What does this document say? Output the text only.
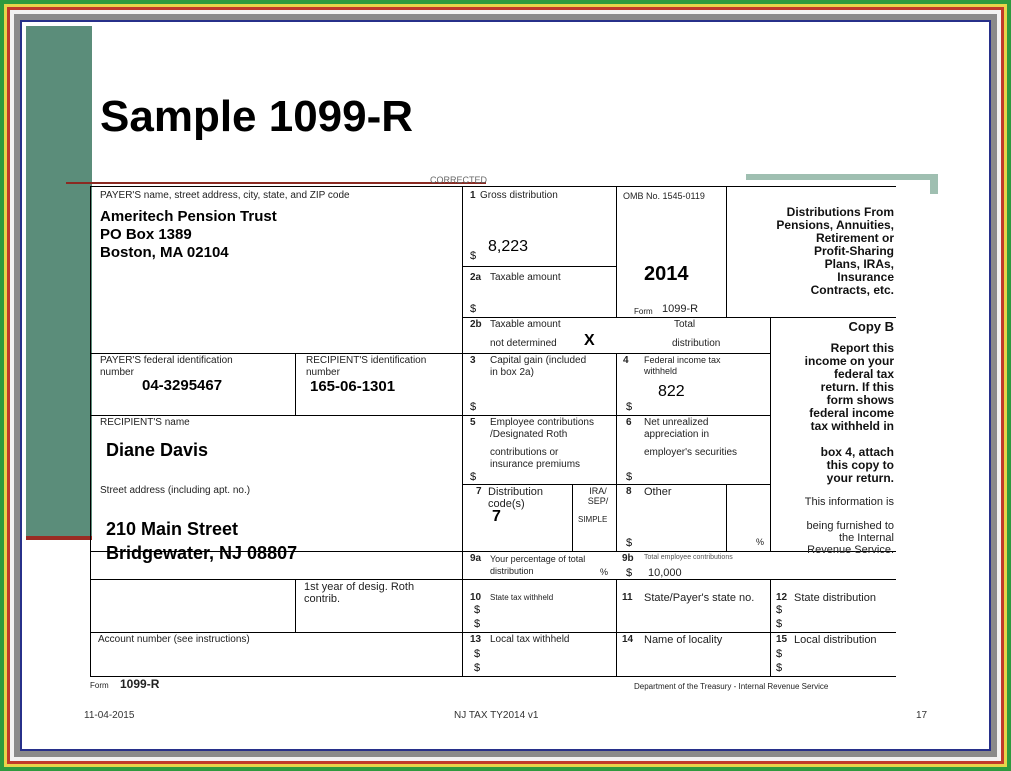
Sample 1099-R
CORRECTED
PAYER'S name, street address, city, state, and ZIP code
Ameritech Pension Trust
PO Box 1389
Boston, MA 02104
1 Gross distribution
$
8,223
OMB No. 1545-0119
2014
Form 1099-R
Distributions From
Pensions, Annuities,
Retirement or
Profit-Sharing
Plans, IRAs,
Insurance
Contracts, etc.
2a Taxable amount
$
2b Taxable amount
not determined X
Total
distribution
Copy B
Report this
income on your
federal tax
return. If this
form shows
federal income
tax withheld in

box 4, attach
this copy to
your return.
PAYER'S federal identification
number
04-3295467
RECIPIENT'S identification
number
165-06-1301
3 Capital gain (included
in box 2a)
$
4 Federal income tax
withheld
822
$
RECIPIENT'S name
Diane Davis
5 Employee contributions
/Designated Roth
contributions or
insurance premiums
$
6 Net unrealized
appreciation in
employer's securities
$
Street address (including apt. no.)
210 Main Street
Bridgewater, NJ 08807
7 Distribution
code(s)
7
IRA/
SEP/
SIMPLE
8 Other
$	%
This information is

being furnished to
the Internal
Revenue Service.
9a Your percentage of total
distribution	%
9b Total employee contributions
$ 10,000
1st year of desig. Roth
contrib.	10 State tax withheld
$
$
11 State/Payer's state no. 12 State distribution
$
$
Account number (see instructions)	13 Local tax withheld
$
$
14 Name of locality	15 Local distribution
$
$
Form 1099-R	Department of the Treasury - Internal Revenue Service
11-04-2015	NJ TAX TY2014 v1	17
